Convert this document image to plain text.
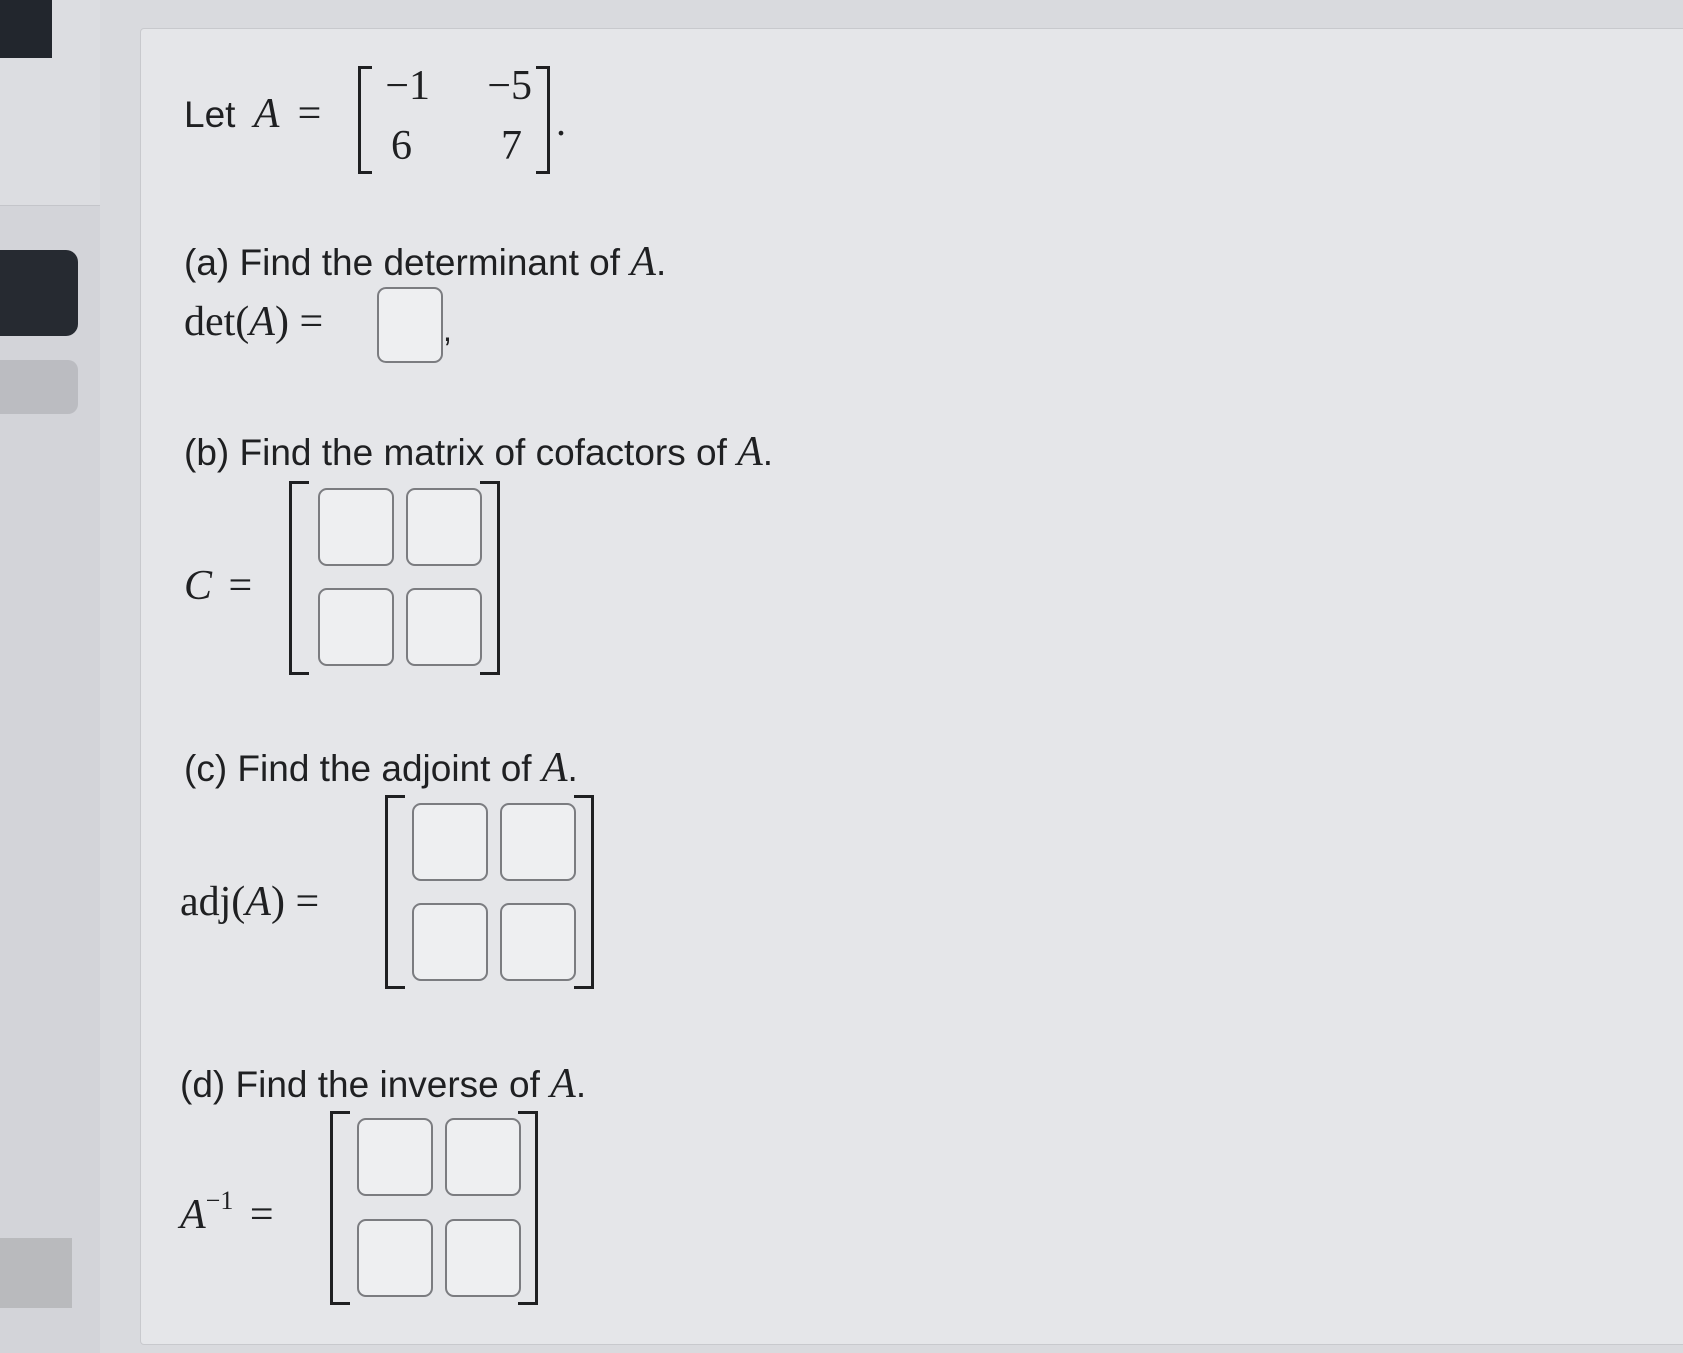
Let A =
−1	−5
6	7
.
(a) Find the determinant of A.
det(A) =	,
(b) Find the matrix of cofactors of A.
C =
(c) Find the adjoint of A.
adj(A) =
(d) Find the inverse of A.
$A^{-1}$ =
